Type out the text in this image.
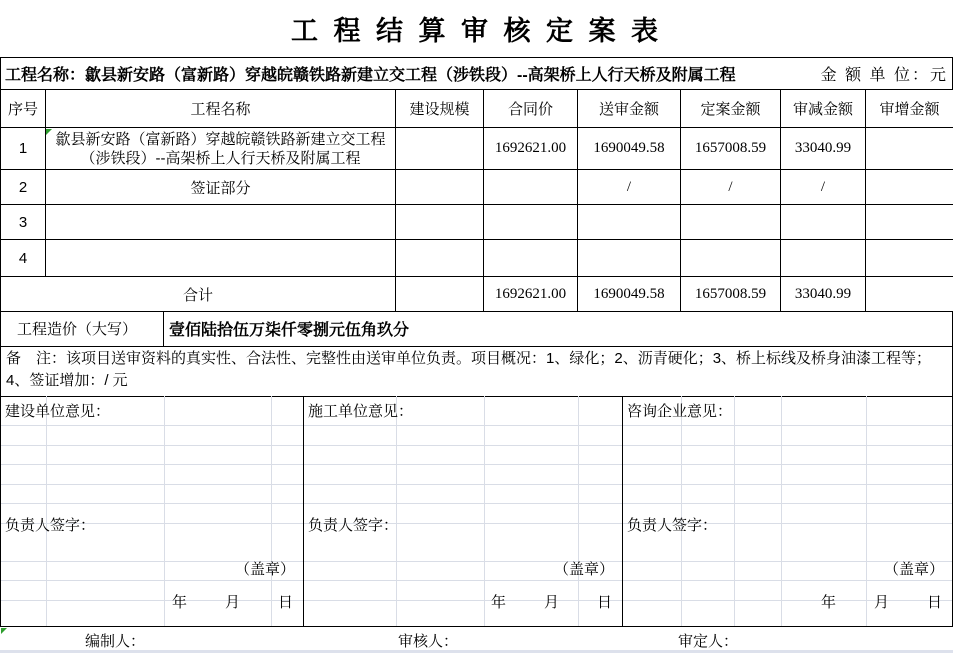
工 程 结 算 审 核 定 案 表
工程名称：歙县新安路（富新路）穿越皖赣铁路新建立交工程（涉铁段）--高架桥上人行天桥及附属工程	金 额 单 位：元
序号	工程名称	建设规模	合同价	送审金额	定案金额	审减金额	审增金额
1	歙县新安路（富新路）穿越皖赣铁路新建立交工程（涉铁段）--高架桥上人行天桥及附属工程		1692621.00	1690049.58	1657008.59	33040.99	
2	签证部分			/	/	/	
3							
4							
合计			1692621.00	1690049.58	1657008.59	33040.99	
工程造价（大写）	壹佰陆拾伍万柒仟零捌元伍角玖分
备　注：该项目送审资料的真实性、合法性、完整性由送审单位负责。项目概况：1、绿化；2、沥青硬化；3、桥上标线及桥身油漆工程等；4、签证增加：/ 元
建设单位意见：
负责人签字：
（盖章）
年	月	日
施工单位意见：
负责人签字：
（盖章）
年	月	日
咨询企业意见：
负责人签字：
（盖章）
年	月	日
编制人：	审核人：	审定人：
